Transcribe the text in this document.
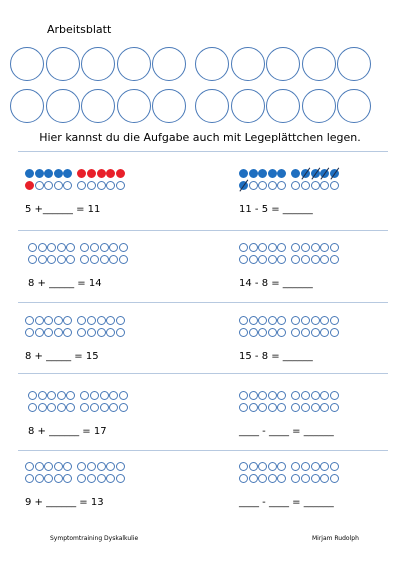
Arbeitsblatt
Hier kannst du die Aufgabe auch mit Legeplättchen legen.
5 +______ = 11	11 - 5 = ______
8 + _____ = 14	14 - 8 = ______
8 + _____ = 15	15 - 8 = ______
8 + ______ = 17	____ - ____ = ______
9 + ______ = 13	____ - ____ = ______
Symptomtraining Dyskalkulie	Mirjam Rudolph
